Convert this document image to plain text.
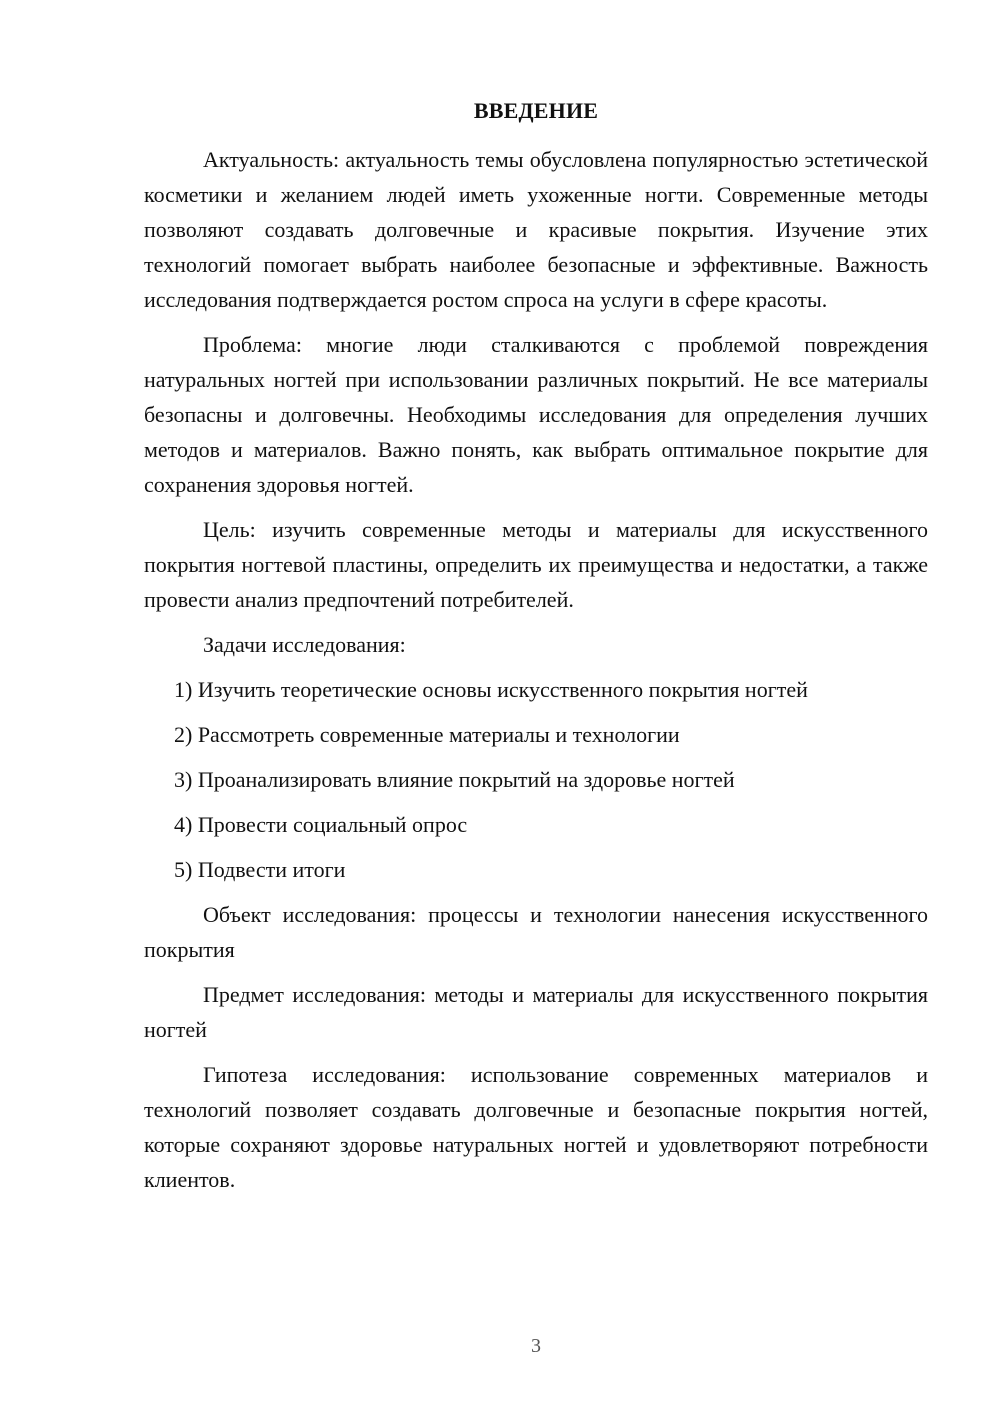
ВВЕДЕНИЕ

Актуальность: актуальность темы обусловлена популярностью эстетической косметики и желанием людей иметь ухоженные ногти. Современные методы позволяют создавать долговечные и красивые покрытия. Изучение этих технологий помогает выбрать наиболее безопасные и эффективные. Важность исследования подтверждается ростом спроса на услуги в сфере красоты.

Проблема: многие люди сталкиваются с проблемой повреждения натуральных ногтей при использовании различных покрытий. Не все материалы безопасны и долговечны. Необходимы исследования для определения лучших методов и материалов. Важно понять, как выбрать оптимальное покрытие для сохранения здоровья ногтей.

Цель: изучить современные методы и материалы для искусственного покрытия ногтевой пластины, определить их преимущества и недостатки, а также провести анализ предпочтений потребителей.

Задачи исследования:

1) Изучить теоретические основы искусственного покрытия ногтей

2) Рассмотреть современные материалы и технологии

3) Проанализировать влияние покрытий на здоровье ногтей

4) Провести социальный опрос

5) Подвести итоги

Объект исследования: процессы и технологии нанесения искусственного покрытия

Предмет исследования: методы и материалы для искусственного покрытия ногтей

Гипотеза исследования: использование современных материалов и технологий позволяет создавать долговечные и безопасные покрытия ногтей, которые сохраняют здоровье натуральных ногтей и удовлетворяют потребности клиентов.

3
